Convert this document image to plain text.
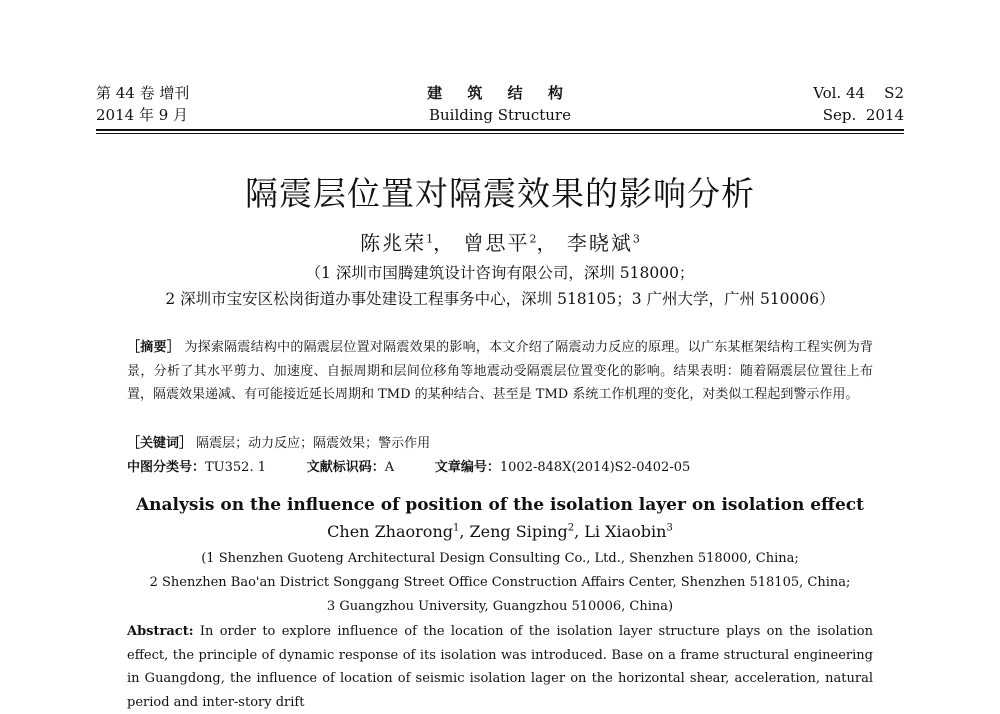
第 44 卷 增刊
2014 年 9 月
建 筑 结 构
Building Structure
Vol. 44    S2
Sep.  2014
隔震层位置对隔震效果的影响分析
陈兆荣$^1$， 曾思平$^2$， 李晓斌$^3$
（1 深圳市国腾建筑设计咨询有限公司，深圳 518000；
2 深圳市宝安区松岗街道办事处建设工程事务中心，深圳 518105；3 广州大学，广州 510006）
［摘要］ 为探索隔震结构中的隔震层位置对隔震效果的影响，本文介绍了隔震动力反应的原理。以广东某框架结构工程实例为背景，分析了其水平剪力、加速度、自振周期和层间位移角等地震动受隔震层位置变化的影响。结果表明：随着隔震层位置往上布置，隔震效果递减、有可能接近延长周期和 TMD 的某种结合、甚至是 TMD 系统工作机理的变化，对类似工程起到警示作用。
［关键词］ 隔震层；动力反应；隔震效果；警示作用
中图分类号：TU352. 1	文献标识码：A	文章编号：1002-848X(2014)S2-0402-05
Analysis on the influence of position of the isolation layer on isolation effect
Chen Zhaorong$^1$, Zeng Siping$^2$, Li Xiaobin$^3$
(1 Shenzhen Guoteng Architectural Design Consulting Co., Ltd., Shenzhen 518000, China;
2 Shenzhen Bao'an District Songgang Street Office Construction Affairs Center, Shenzhen 518105, China;
3 Guangzhou University, Guangzhou 510006, China)
Abstract: In order to explore influence of the location of the isolation layer structure plays on the isolation effect, the principle of dynamic response of its isolation was introduced. Base on a frame structural engineering in Guangdong, the influence of location of seismic isolation lager on the horizontal shear, acceleration, natural period and inter-story drift
